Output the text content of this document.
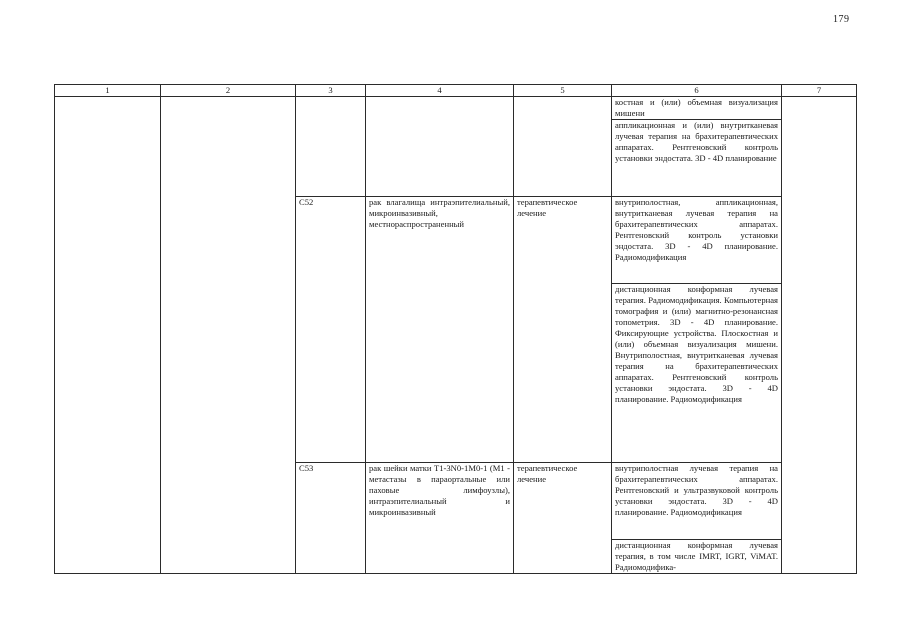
179
1	2	3	4	5	6	7
					костная и (или) объемная визуализация мишени	
					аппликационная и (или) внутритканевая лучевая терапия на брахитерапевтических аппаратах. Рентгеновский контроль установки эндостата. 3D - 4D планирование	
		C52	рак влагалища интраэпителиальный, микроинвазивный, местнораспространенный	терапевтическое лечение	внутриполостная, аппликационная, внутритканевая лучевая терапия на брахитерапевтических аппаратах. Рентгеновский контроль установки эндостата. 3D - 4D планирование. Радиомодификация	
					дистанционная конформная лучевая терапия. Радиомодификация. Компьютерная томография и (или) магнитно-резонансная топометрия. 3D - 4D планирование. Фиксирующие устройства. Плоскостная и (или) объемная визуализация мишени. Внутриполостная, внутритканевая лучевая терапия на брахитерапевтических аппаратах. Рентгеновский контроль установки эндостата. 3D - 4D планирование. Радиомодификация	
		C53	рак шейки матки T1-3N0-1M0-1 (M1 - метастазы в параортальные или паховые лимфоузлы), интраэпителиальный и микроинвазивный	терапевтическое лечение	внутриполостная лучевая терапия на брахитерапевтических аппаратах. Рентгеновский и ультразвуковой контроль установки эндостата. 3D - 4D планирование. Радиомодификация	
					дистанционная конформная лучевая терапия, в том числе IMRT, IGRT, ViMAT. Радиомодифика-	
